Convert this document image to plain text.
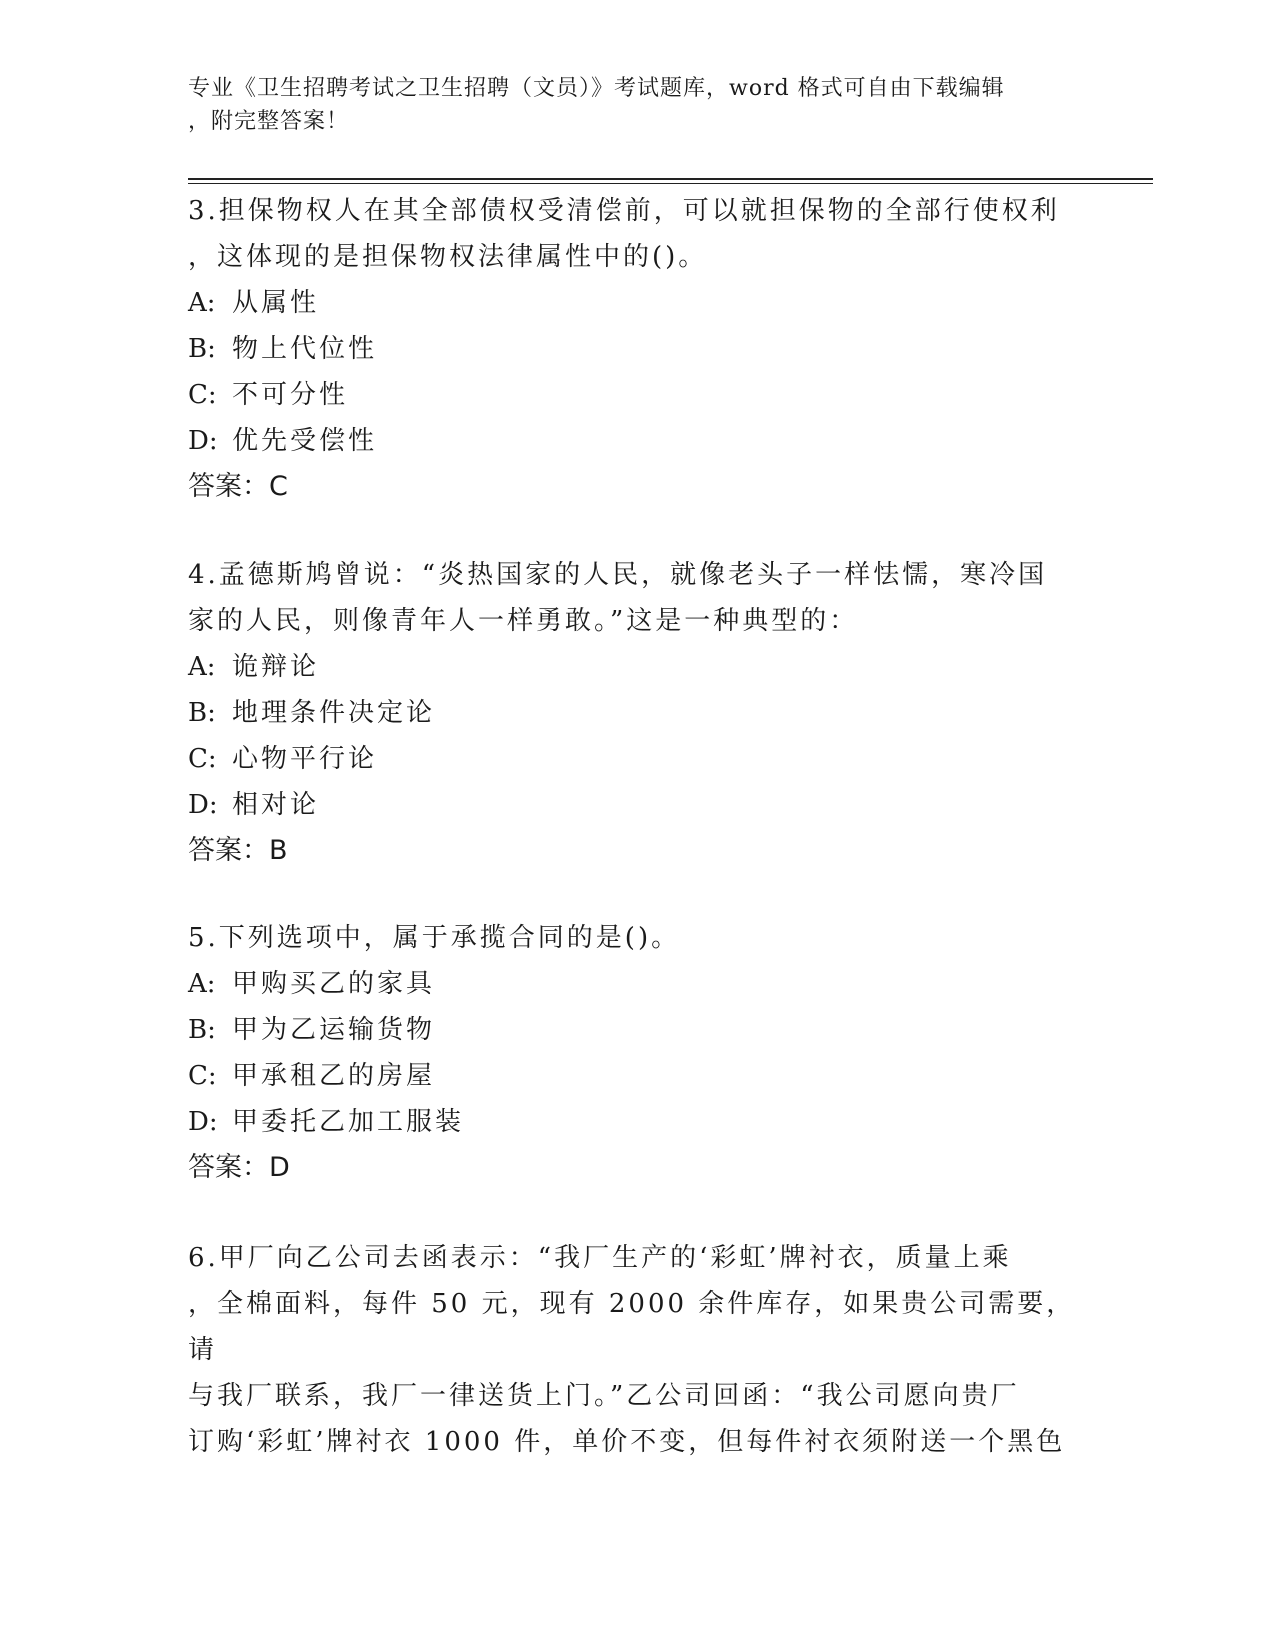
专业《卫生招聘考试之卫生招聘（文员）》考试题库，word 格式可自由下载编辑
，附完整答案！

3.担保物权人在其全部债权受清偿前，可以就担保物的全部行使权利

，这体现的是担保物权法律属性中的()。

A: 从属性

B: 物上代位性

C: 不可分性

D: 优先受偿性

答案：C

4.孟德斯鸠曾说：“炎热国家的人民，就像老头子一样怯懦，寒冷国

家的人民，则像青年人一样勇敢。”这是一种典型的：

A: 诡辩论

B: 地理条件决定论

C: 心物平行论

D: 相对论

答案：B

5.下列选项中，属于承揽合同的是()。

A: 甲购买乙的家具

B: 甲为乙运输货物

C: 甲承租乙的房屋

D: 甲委托乙加工服装

答案：D

6.甲厂向乙公司去函表示：“我厂生产的‘彩虹’牌衬衣，质量上乘

，全棉面料，每件 50 元，现有 2000 余件库存，如果贵公司需要，请

与我厂联系，我厂一律送货上门。”乙公司回函：“我公司愿向贵厂

订购‘彩虹’牌衬衣 1000 件，单价不变，但每件衬衣须附送一个黑色
